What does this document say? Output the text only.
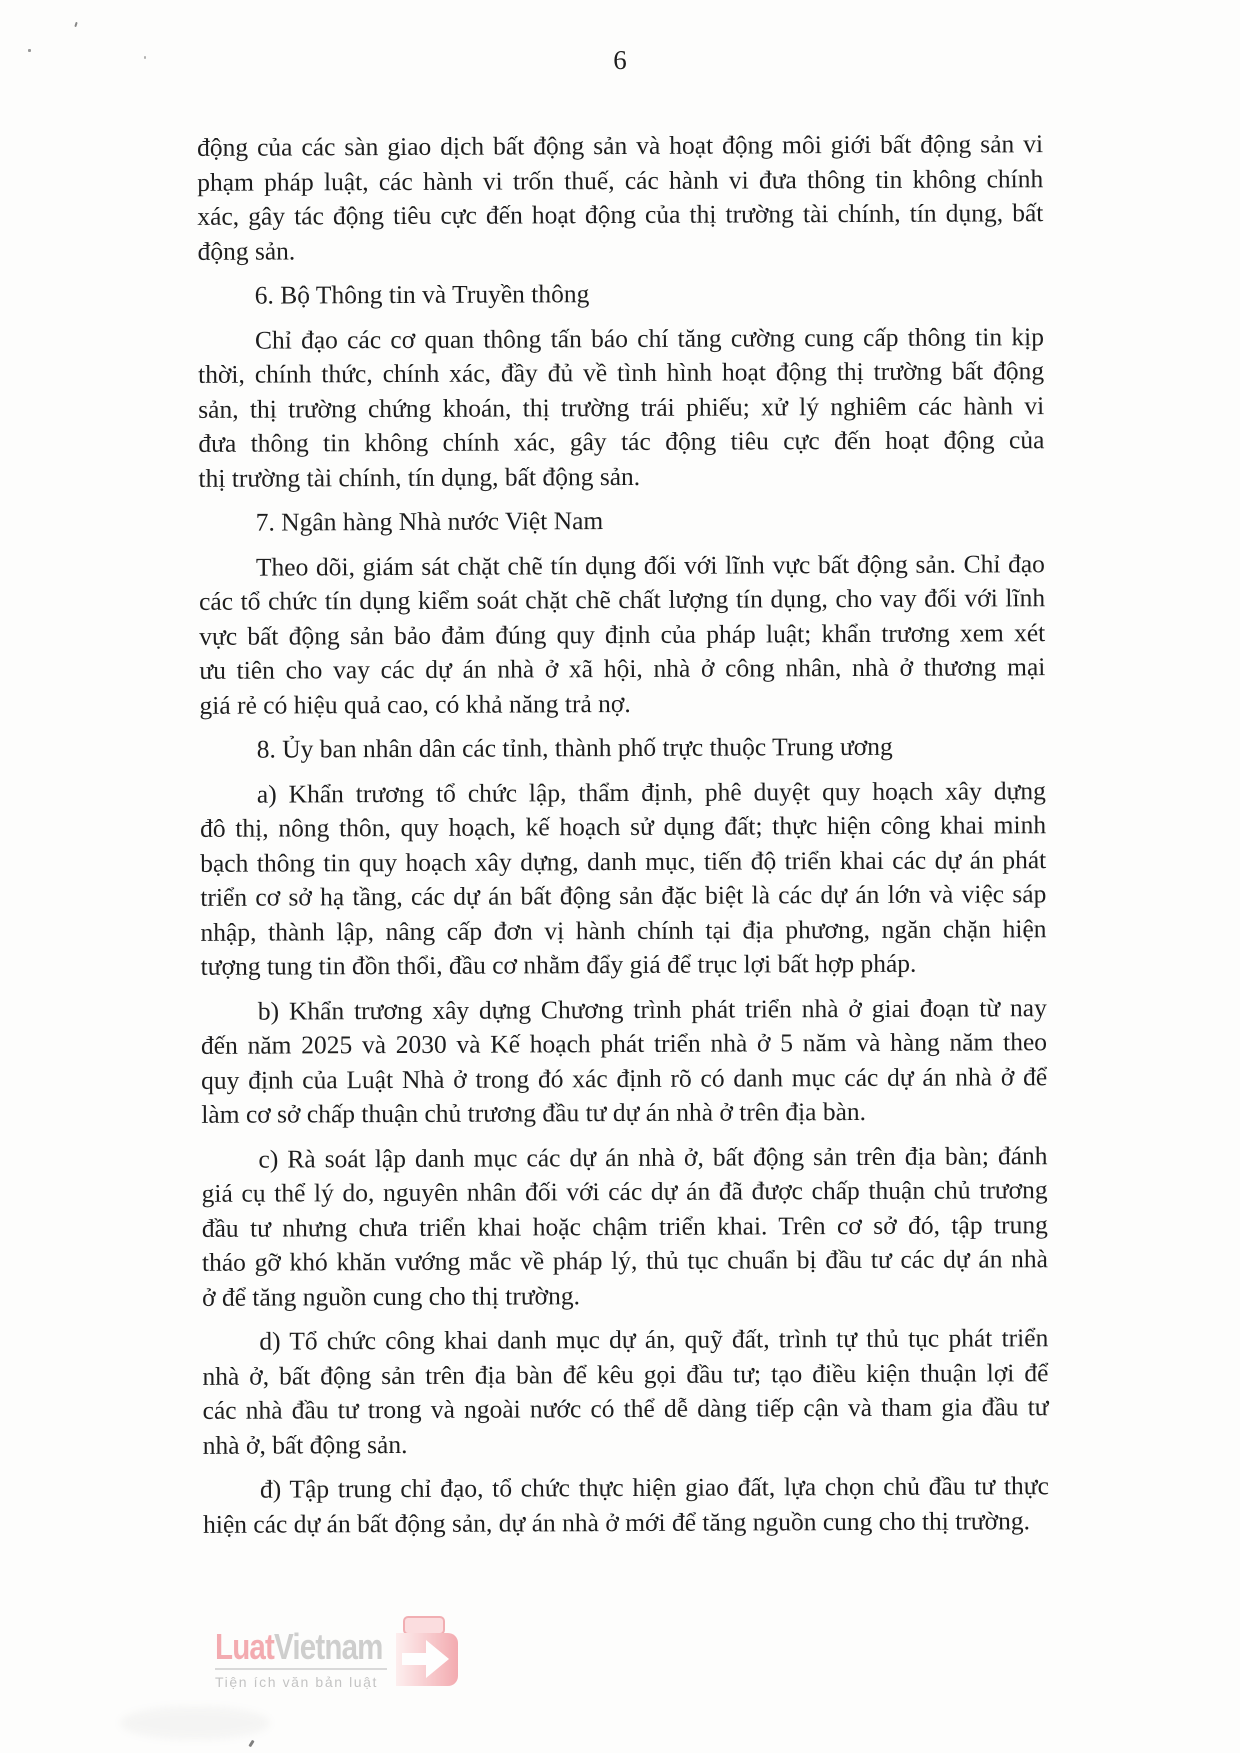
6
động của các sàn giao dịch bất động sản và hoạt động môi giới bất động sản vi
phạm pháp luật, các hành vi trốn thuế, các hành vi đưa thông tin không chính
xác, gây tác động tiêu cực đến hoạt động của thị trường tài chính, tín dụng, bất
động sản.
6. Bộ Thông tin và Truyền thông
Chỉ đạo các cơ quan thông tấn báo chí tăng cường cung cấp thông tin kịp
thời, chính thức, chính xác, đầy đủ về tình hình hoạt động thị trường bất động
sản, thị trường chứng khoán, thị trường trái phiếu; xử lý nghiêm các hành vi
đưa thông tin không chính xác, gây tác động tiêu cực đến hoạt động của
thị trường tài chính, tín dụng, bất động sản.
7. Ngân hàng Nhà nước Việt Nam
Theo dõi, giám sát chặt chẽ tín dụng đối với lĩnh vực bất động sản. Chỉ đạo
các tổ chức tín dụng kiểm soát chặt chẽ chất lượng tín dụng, cho vay đối với lĩnh
vực bất động sản bảo đảm đúng quy định của pháp luật; khẩn trương xem xét
ưu tiên cho vay các dự án nhà ở xã hội, nhà ở công nhân, nhà ở thương mại
giá rẻ có hiệu quả cao, có khả năng trả nợ.
8. Ủy ban nhân dân các tỉnh, thành phố trực thuộc Trung ương
a) Khẩn trương tổ chức lập, thẩm định, phê duyệt quy hoạch xây dựng
đô thị, nông thôn, quy hoạch, kế hoạch sử dụng đất; thực hiện công khai minh
bạch thông tin quy hoạch xây dựng, danh mục, tiến độ triển khai các dự án phát
triển cơ sở hạ tầng, các dự án bất động sản đặc biệt là các dự án lớn và việc sáp
nhập, thành lập, nâng cấp đơn vị hành chính tại địa phương, ngăn chặn hiện
tượng tung tin đồn thổi, đầu cơ nhằm đẩy giá để trục lợi bất hợp pháp.
b) Khẩn trương xây dựng Chương trình phát triển nhà ở giai đoạn từ nay
đến năm 2025 và 2030 và Kế hoạch phát triển nhà ở 5 năm và hàng năm theo
quy định của Luật Nhà ở trong đó xác định rõ có danh mục các dự án nhà ở để
làm cơ sở chấp thuận chủ trương đầu tư dự án nhà ở trên địa bàn.
c) Rà soát lập danh mục các dự án nhà ở, bất động sản trên địa bàn; đánh
giá cụ thể lý do, nguyên nhân đối với các dự án đã được chấp thuận chủ trương
đầu tư nhưng chưa triển khai hoặc chậm triển khai. Trên cơ sở đó, tập trung
tháo gỡ khó khăn vướng mắc về pháp lý, thủ tục chuẩn bị đầu tư các dự án nhà
ở để tăng nguồn cung cho thị trường.
d) Tổ chức công khai danh mục dự án, quỹ đất, trình tự thủ tục phát triển
nhà ở, bất động sản trên địa bàn để kêu gọi đầu tư; tạo điều kiện thuận lợi để
các nhà đầu tư trong và ngoài nước có thể dễ dàng tiếp cận và tham gia đầu tư
nhà ở, bất động sản.
đ) Tập trung chỉ đạo, tổ chức thực hiện giao đất, lựa chọn chủ đầu tư thực
hiện các dự án bất động sản, dự án nhà ở mới để tăng nguồn cung cho thị trường.
LuatVietnam
Tiện ích văn bản luật
